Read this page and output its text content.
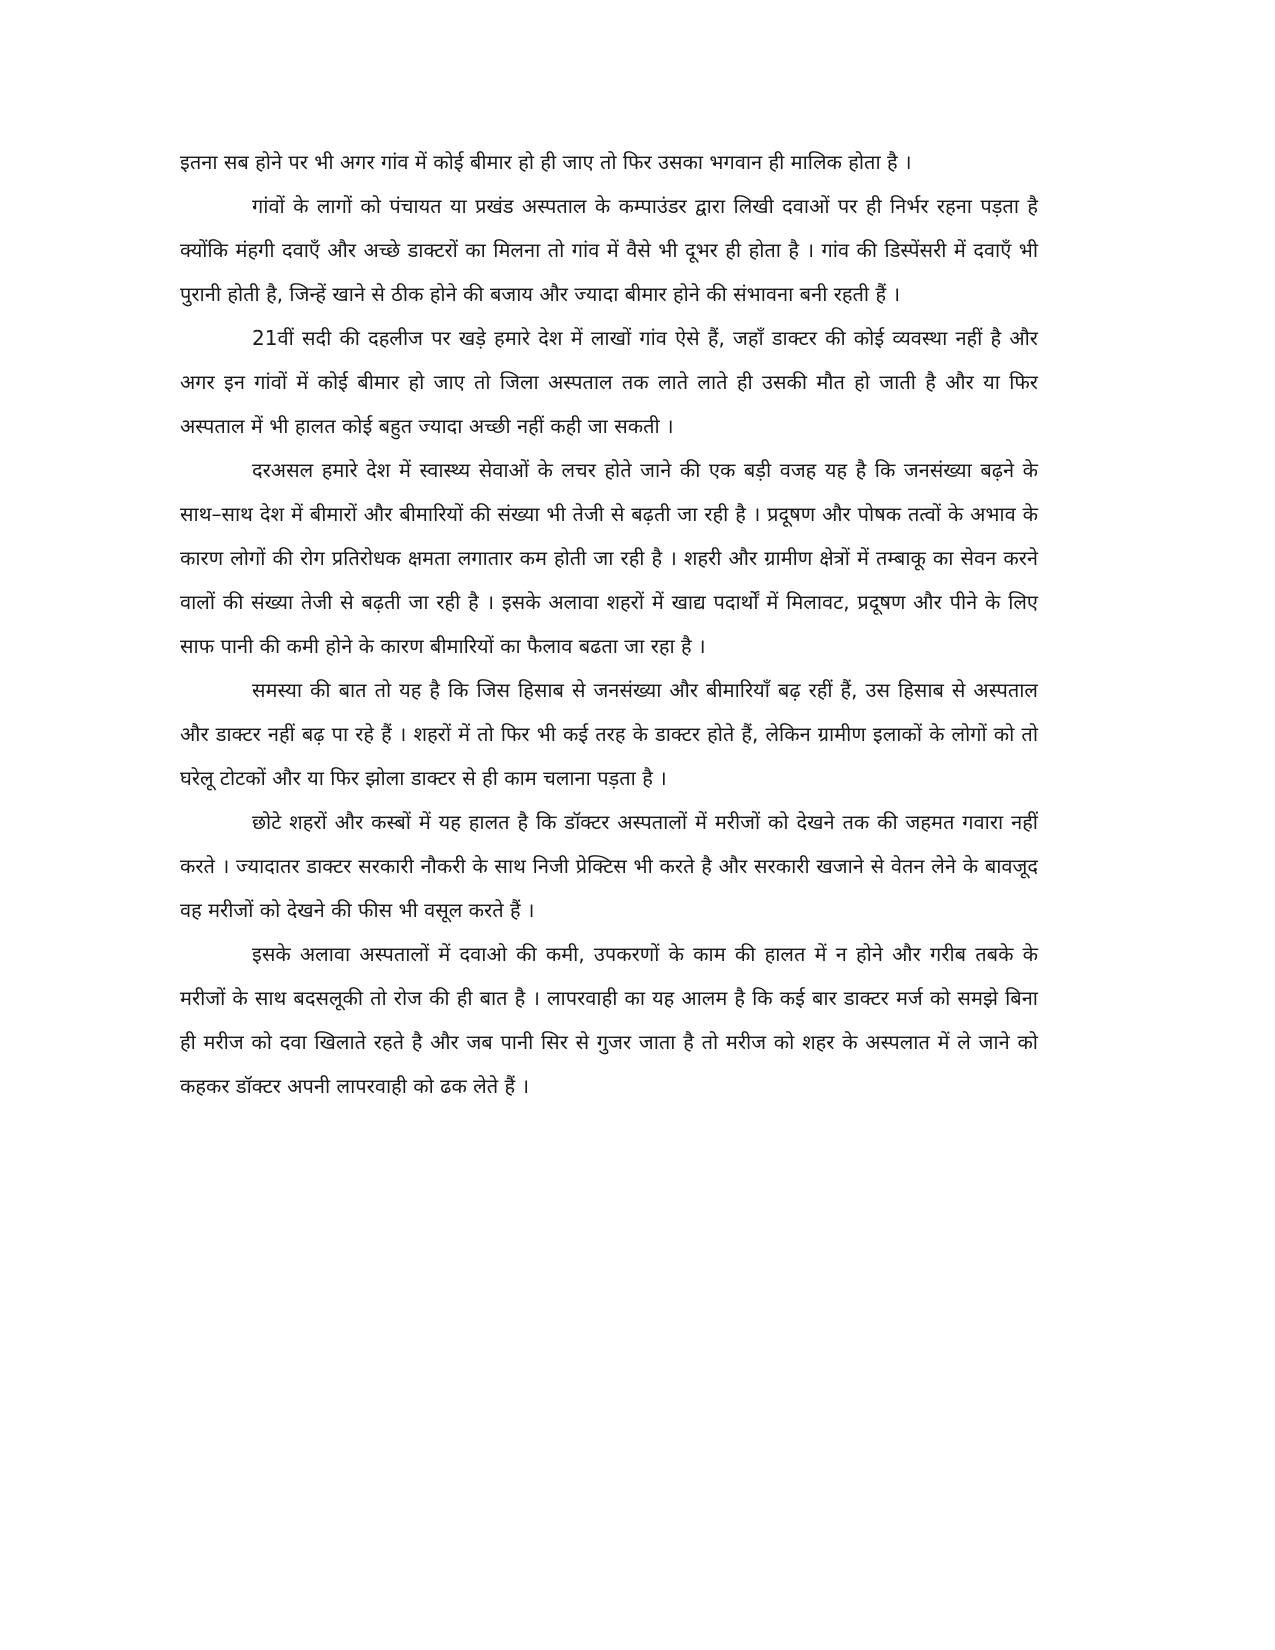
इतना सब होने पर भी अगर गांव में कोई बीमार हो ही जाए तो फिर उसका भगवान ही मालिक होता है ।

गांवों के लागों को पंचायत या प्रखंड अस्पताल के कम्पाउंडर द्वारा लिखी दवाओं पर ही निर्भर रहना पड़ता है क्योंकि मंहगी दवाएँ और अच्छे डाक्टरों का मिलना तो गांव में वैसे भी दूभर ही होता है । गांव की डिस्पेंसरी में दवाएँ भी पुरानी होती है, जिन्हें खाने से ठीक होने की बजाय और ज्यादा बीमार होने की संभावना बनी रहती हैं ।

21वीं सदी की दहलीज पर खड़े हमारे देश में लाखों गांव ऐसे हैं, जहाँ डाक्टर की कोई व्यवस्था नहीं है और अगर इन गांवों में कोई बीमार हो जाए तो जिला अस्पताल तक लाते लाते ही उसकी मौत हो जाती है और या फिर अस्पताल में भी हालत कोई बहुत ज्यादा अच्छी नहीं कही जा सकती ।

दरअसल हमारे देश में स्वास्थ्य सेवाओं के लचर होते जाने की एक बड़ी वजह यह है कि जनसंख्या बढ़ने के साथ–साथ देश में बीमारों और बीमारियों की संख्या भी तेजी से बढ़ती जा रही है । प्रदूषण और पोषक तत्वों के अभाव के कारण लोगों की रोग प्रतिरोधक क्षमता लगातार कम होती जा रही है । शहरी और ग्रामीण क्षेत्रों में तम्बाकू का सेवन करने वालों की संख्या तेजी से बढ़ती जा रही है । इसके अलावा शहरों में खाद्य पदार्थों में मिलावट, प्रदूषण और पीने के लिए साफ पानी की कमी होने के कारण बीमारियों का फैलाव बढता जा रहा है ।

समस्या की बात तो यह है कि जिस हिसाब से जनसंख्या और बीमारियाँ बढ़ रहीं हैं, उस हिसाब से अस्पताल और डाक्टर नहीं बढ़ पा रहे हैं । शहरों में तो फिर भी कई तरह के डाक्टर होते हैं, लेकिन ग्रामीण इलाकों के लोगों को तो घरेलू टोटकों और या फिर झोला डाक्टर से ही काम चलाना पड़ता है ।

छोटे शहरों और कस्बों में यह हालत है कि डॉक्टर अस्पतालों में मरीजों को देखने तक की जहमत गवारा नहीं करते । ज्यादातर डाक्टर सरकारी नौकरी के साथ निजी प्रेक्टिस भी करते है और सरकारी खजाने से वेतन लेने के बावजूद वह मरीजों को देखने की फीस भी वसूल करते हैं ।

इसके अलावा अस्पतालों में दवाओ की कमी, उपकरणों के काम की हालत में न होने और गरीब तबके के मरीजों के साथ बदसलूकी तो रोज की ही बात है । लापरवाही का यह आलम है कि कई बार डाक्टर मर्ज को समझे बिना ही मरीज को दवा खिलाते रहते है और जब पानी सिर से गुजर जाता है तो मरीज को शहर के अस्पलात में ले जाने को कहकर डॉक्टर अपनी लापरवाही को ढक लेते हैं ।
